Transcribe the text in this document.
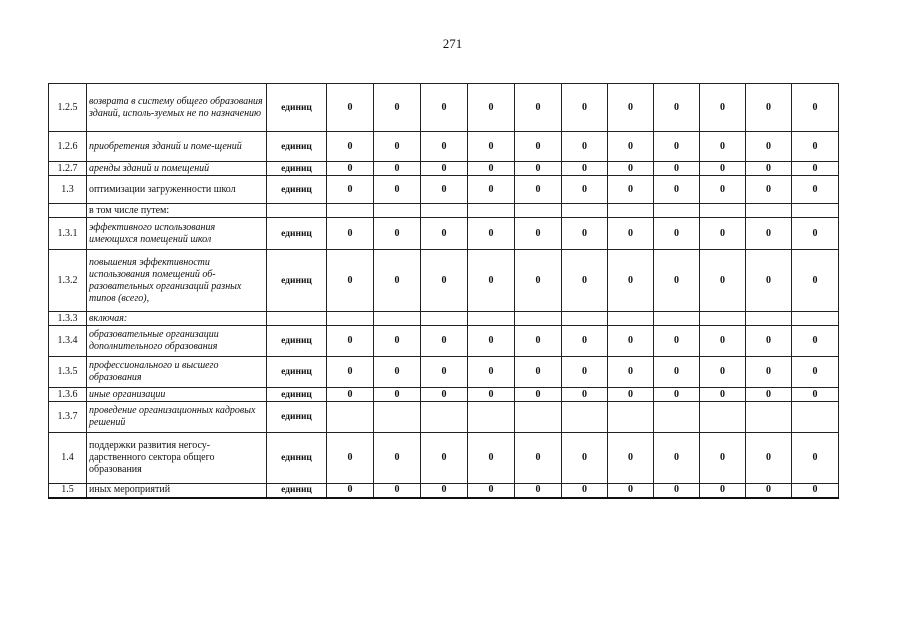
271
1.2.5	возврата в систему общего образования зданий, исполь-зуемых не по назначению	единиц	0	0	0	0	0	0	0	0	0	0	0
1.2.6	приобретения зданий и поме-щений	единиц	0	0	0	0	0	0	0	0	0	0	0
1.2.7	аренды зданий и помещений	единиц	0	0	0	0	0	0	0	0	0	0	0
1.3	оптимизации загруженности школ	единиц	0	0	0	0	0	0	0	0	0	0	0
	в том числе путем:												
1.3.1	эффективного использования имеющихся помещений школ	единиц	0	0	0	0	0	0	0	0	0	0	0
1.3.2	повышения эффективности использования помещений об-разовательных организаций разных типов (всего),	единиц	0	0	0	0	0	0	0	0	0	0	0
1.3.3	включая:												
1.3.4	образовательные организации дополнительного образования	единиц	0	0	0	0	0	0	0	0	0	0	0
1.3.5	профессионального и высшего образования	единиц	0	0	0	0	0	0	0	0	0	0	0
1.3.6	иные организации	единиц	0	0	0	0	0	0	0	0	0	0	0
1.3.7	проведение организационных кадровых решений	единиц											
1.4	поддержки развития негосу-дарственного сектора общего образования	единиц	0	0	0	0	0	0	0	0	0	0	0
1.5	иных мероприятий	единиц	0	0	0	0	0	0	0	0	0	0	0
